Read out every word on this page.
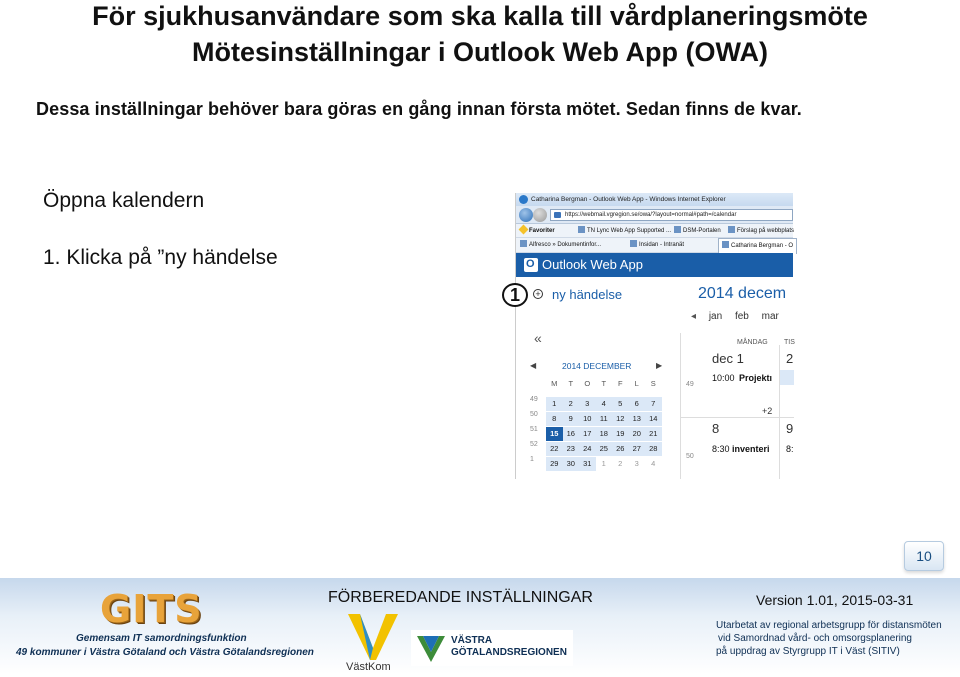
För sjukhusanvändare som ska kalla till vårdplaneringsmöte
Mötesinställningar i Outlook Web App (OWA)
Dessa inställningar behöver bara göras en gång innan första mötet. Sedan finns de kvar.
Öppna kalendern
1. Klicka på ”ny händelse
Catharina Bergman - Outlook Web App - Windows Internet Explorer
https://webmail.vgregion.se/owa/?layout=normal#path=/calendar
Favoriter	TN Lync Web App Supported ...	DSM-Portalen	Förslag på webbplats
Alfresco » Dokumentinfor...	Insidan - Intranät	Catharina Bergman - O
O
Outlook Web App
+ ny händelse	2014 decem
◂ jan feb mar
«
◀	2014 DECEMBER	▶
M T O T F L S
49	1 2 3 4 5 6 7
50	8 9 10 11 12 13 14
51	15 16 17 18 19 20 21
52	22 23 24 25 26 27 28
1	29 30 31 1 2 3 4
49
50
MÅNDAG TIS
dec 1	2
10:00 Projektı
+2
8	9
8:30 inventeri 8:
1
10
GITS
Gemensam IT samordningsfunktion
49 kommuner i Västra Götaland och Västra Götalandsregionen
FÖRBEREDANDE INSTÄLLNINGAR
VästKom
VÄSTRA
GÖTALANDSREGIONEN
Version 1.01, 2015-03-31
Utarbetat av regional arbetsgrupp för distansmöten
vid Samordnad vård- och omsorgsplanering
på uppdrag av Styrgrupp IT i Väst (SITIV)
